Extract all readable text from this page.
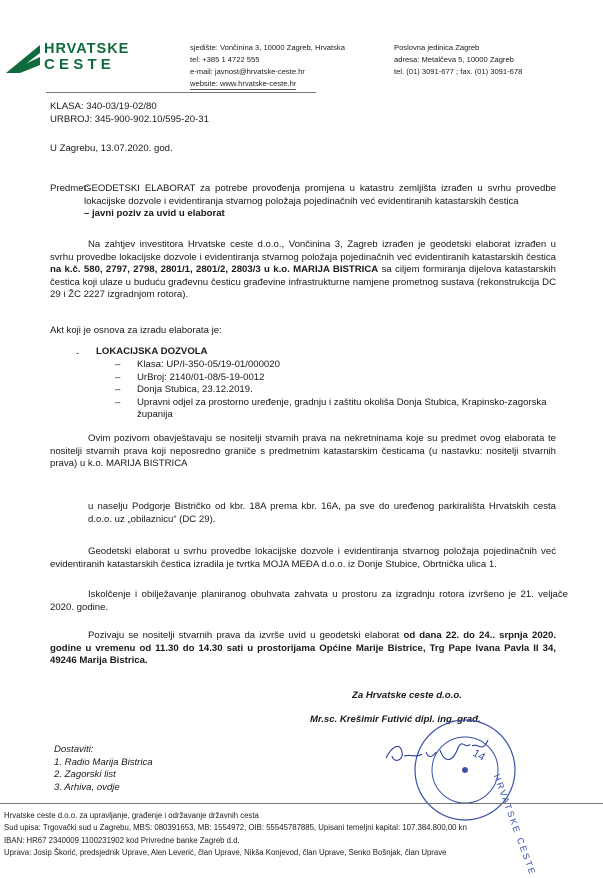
HRVATSKE
CESTE
sjedište: Vončinina 3, 10000 Zagreb, Hrvatska
tel: +385 1 4722 555
e-mail: javnost@hrvatske-ceste.hr
website: www.hrvatske-ceste.hr
Poslovna jedinica Zagreb
adresa: Metalčeva 5, 10000 Zagreb
tel. (01) 3091-677 ; fax. (01) 3091-678
KLASA: 340-03/19-02/80
URBROJ: 345-900-902.10/595-20-31
U Zagrebu, 13.07.2020. god.
Predmet:
GEODETSKI ELABORAT za potrebe provođenja promjena u katastru zemljišta izrađen u svrhu provedbe lokacijske dozvole i evidentiranja stvarnog položaja pojedinačnih već evidentiranih katastarskih čestica
– javni poziv za uvid u elaborat
Na zahtjev investitora Hrvatske ceste d.o.o., Vončinina 3, Zagreb izrađen je geodetski elaborat izrađen u svrhu provedbe lokacijske dozvole i evidentiranja stvarnog položaja pojedinačnih već evidentiranih katastarskih čestica na k.č. 580, 2797, 2798, 2801/1, 2801/2, 2803/3 u k.o. MARIJA BISTRICA sa ciljem formiranja dijelova katastarskih čestica koji ulaze u buduću građevnu česticu građevine infrastrukturne namjene prometnog sustava (rekonstrukcija DC 29 i ŽC 2227 izgradnjom rotora).
Akt koji je osnova za izradu elaborata je:
- LOKACIJSKA DOZVOLA
– Klasa: UP/I-350-05/19-01/000020
– UrBroj: 2140/01-08/5-19-0012
– Donja Stubica, 23.12.2019.
– Upravni odjel za prostorno uređenje, gradnju i zaštitu okoliša Donja Stubica, Krapinsko-zagorska županija
Ovim pozivom obavještavaju se nositelji stvarnih prava na nekretninama koje su predmet ovog elaborata te nositelji stvarnih prava koji neposredno graniče s predmetnim katastarskim česticama (u nastavku: nositelji stvarnih prava) u k.o. MARIJA BISTRICA
u naselju Podgorje Bistričko od kbr. 18A prema kbr. 16A, pa sve do uređenog parkirališta Hrvatskih cesta d.o.o. uz „obilaznicu“ (DC 29).
Geodetski elaborat u svrhu provedbe lokacijske dozvole i evidentiranja stvarnog položaja pojedinačnih već evidentiranih katastarskih čestica izradila je tvrtka MOJA MEĐA d.o.o. iz Donje Stubice, Obrtnička ulica 1.
Iskolčenje i obilježavanje planiranog obuhvata zahvata u prostoru za izgradnju rotora izvršeno je 21. veljače 2020. godine.
Pozivaju se nositelji stvarnih prava da izvrše uvid u geodetski elaborat od dana 22. do 24.. srpnja 2020. godine u vremenu od 11.30 do 14.30 sati u prostorijama Općine Marije Bistrice, Trg Pape Ivana Pavla II 34, 49246 Marija Bistrica.
Za Hrvatske ceste d.o.o.
Mr.sc. Krešimir Futivić dipl. ing. građ.
14
HRVATSKE CESTE
Dostaviti:
1. Radio Marija Bistrica
2. Zagorski list
3. Arhiva, ovdje
Hrvatske ceste d.o.o. za upravljanje, građenje i održavanje državnih cesta
Sud upisa: Trgovački sud u Zagrebu, MBS: 080391653, MB: 1554972, OIB: 55545787885, Upisani temeljni kapital: 107.384.800,00 kn
IBAN: HR67 2340009 1100231902 kod Privredne banke Zagreb d.d.
Uprava: Josip Škorić, predsjednik Uprave, Alen Leverić, član Uprave, Nikša Konjevod, član Uprave, Senko Bošnjak, član Uprave
